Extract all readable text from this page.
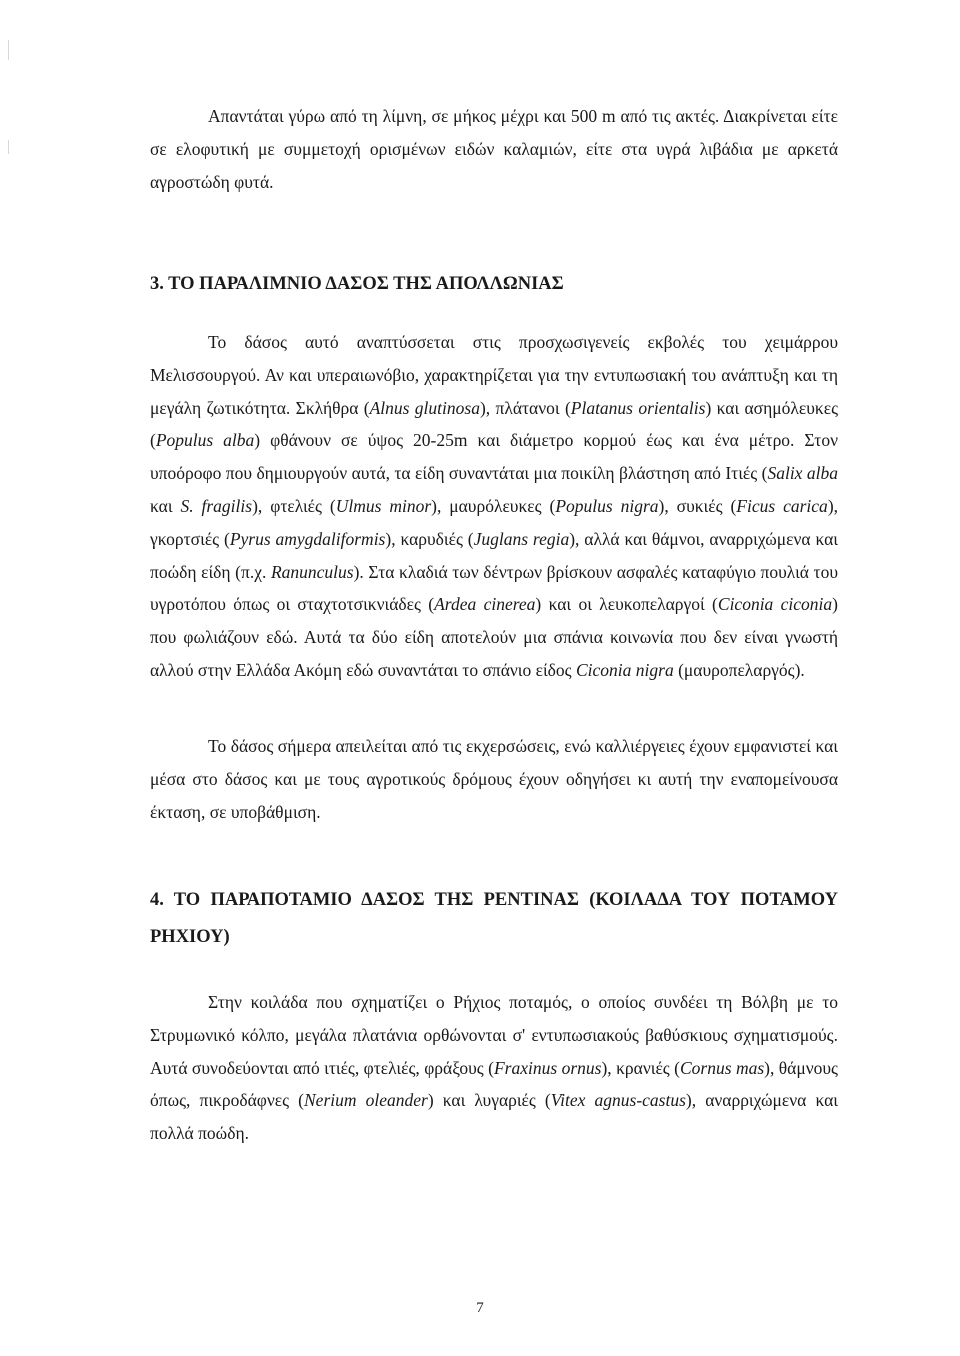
Απαντάται γύρω από τη λίμνη, σε μήκος μέχρι και 500 m από τις ακτές. Διακρίνεται είτε σε ελοφυτική με συμμετοχή ορισμένων ειδών καλαμιών, είτε στα υγρά λιβάδια με αρκετά αγροστώδη φυτά.

3. ΤΟ ΠΑΡΑΛΙΜΝΙΟ ΔΑΣΟΣ ΤΗΣ ΑΠΟΛΛΩΝΙΑΣ

Το δάσος αυτό αναπτύσσεται στις προσχωσιγενείς εκβολές του χειμάρρου Μελισσουργού. Αν και υπεραιωνόβιο, χαρακτηρίζεται για την εντυπωσιακή του ανάπτυξη και τη μεγάλη ζωτικότητα. Σκλήθρα (Alnus glutinosa), πλάτανοι (Platanus orientalis) και ασημόλευκες (Populus alba) φθάνουν σε ύψος 20-25m και διάμετρο κορμού έως και ένα μέτρο. Στον υποόροφο που δημιουργούν αυτά, τα είδη συναντάται μια ποικίλη βλάστηση από Ιτιές (Salix alba και S. fragilis), φτελιές (Ulmus minor), μαυρόλευκες (Populus nigra), συκιές (Ficus carica), γκορτσιές (Pyrus amygdaliformis), καρυδιές (Juglans regia), αλλά και θάμνοι, αναρριχώμενα και ποώδη είδη (π.χ. Ranunculus). Στα κλαδιά των δέντρων βρίσκουν ασφαλές καταφύγιο πουλιά του υγροτόπου όπως οι σταχτοτσικνιάδες (Ardea cinerea) και οι λευκοπελαργοί (Ciconia ciconia) που φωλιάζουν εδώ. Αυτά τα δύο είδη αποτελούν μια σπάνια κοινωνία που δεν είναι γνωστή αλλού στην Ελλάδα Ακόμη εδώ συναντάται το σπάνιο είδος Ciconia nigra (μαυροπελαργός).

Το δάσος σήμερα απειλείται από τις εκχερσώσεις, ενώ καλλιέργειες έχουν εμφανιστεί και μέσα στο δάσος και με τους αγροτικούς δρόμους έχουν οδηγήσει κι αυτή την εναπομείνουσα έκταση, σε υποβάθμιση.

4. ΤΟ ΠΑΡΑΠΟΤΑΜΙΟ ΔΑΣΟΣ ΤΗΣ ΡΕΝΤΙΝΑΣ (ΚΟΙΛΑΔΑ ΤΟΥ ΠΟΤΑΜΟΥ ΡΗΧΙΟΥ)

Στην κοιλάδα που σχηματίζει ο Ρήχιος ποταμός, ο οποίος συνδέει τη Βόλβη με το Στρυμωνικό κόλπο, μεγάλα πλατάνια ορθώνονται σ' εντυπωσιακούς βαθύσκιους σχηματισμούς. Αυτά συνοδεύονται από ιτιές, φτελιές, φράξους (Fraxinus ornus), κρανιές (Cornus mas), θάμνους όπως, πικροδάφνες (Nerium oleander) και λυγαριές (Vitex agnus-castus), αναρριχώμενα και πολλά ποώδη.

7
